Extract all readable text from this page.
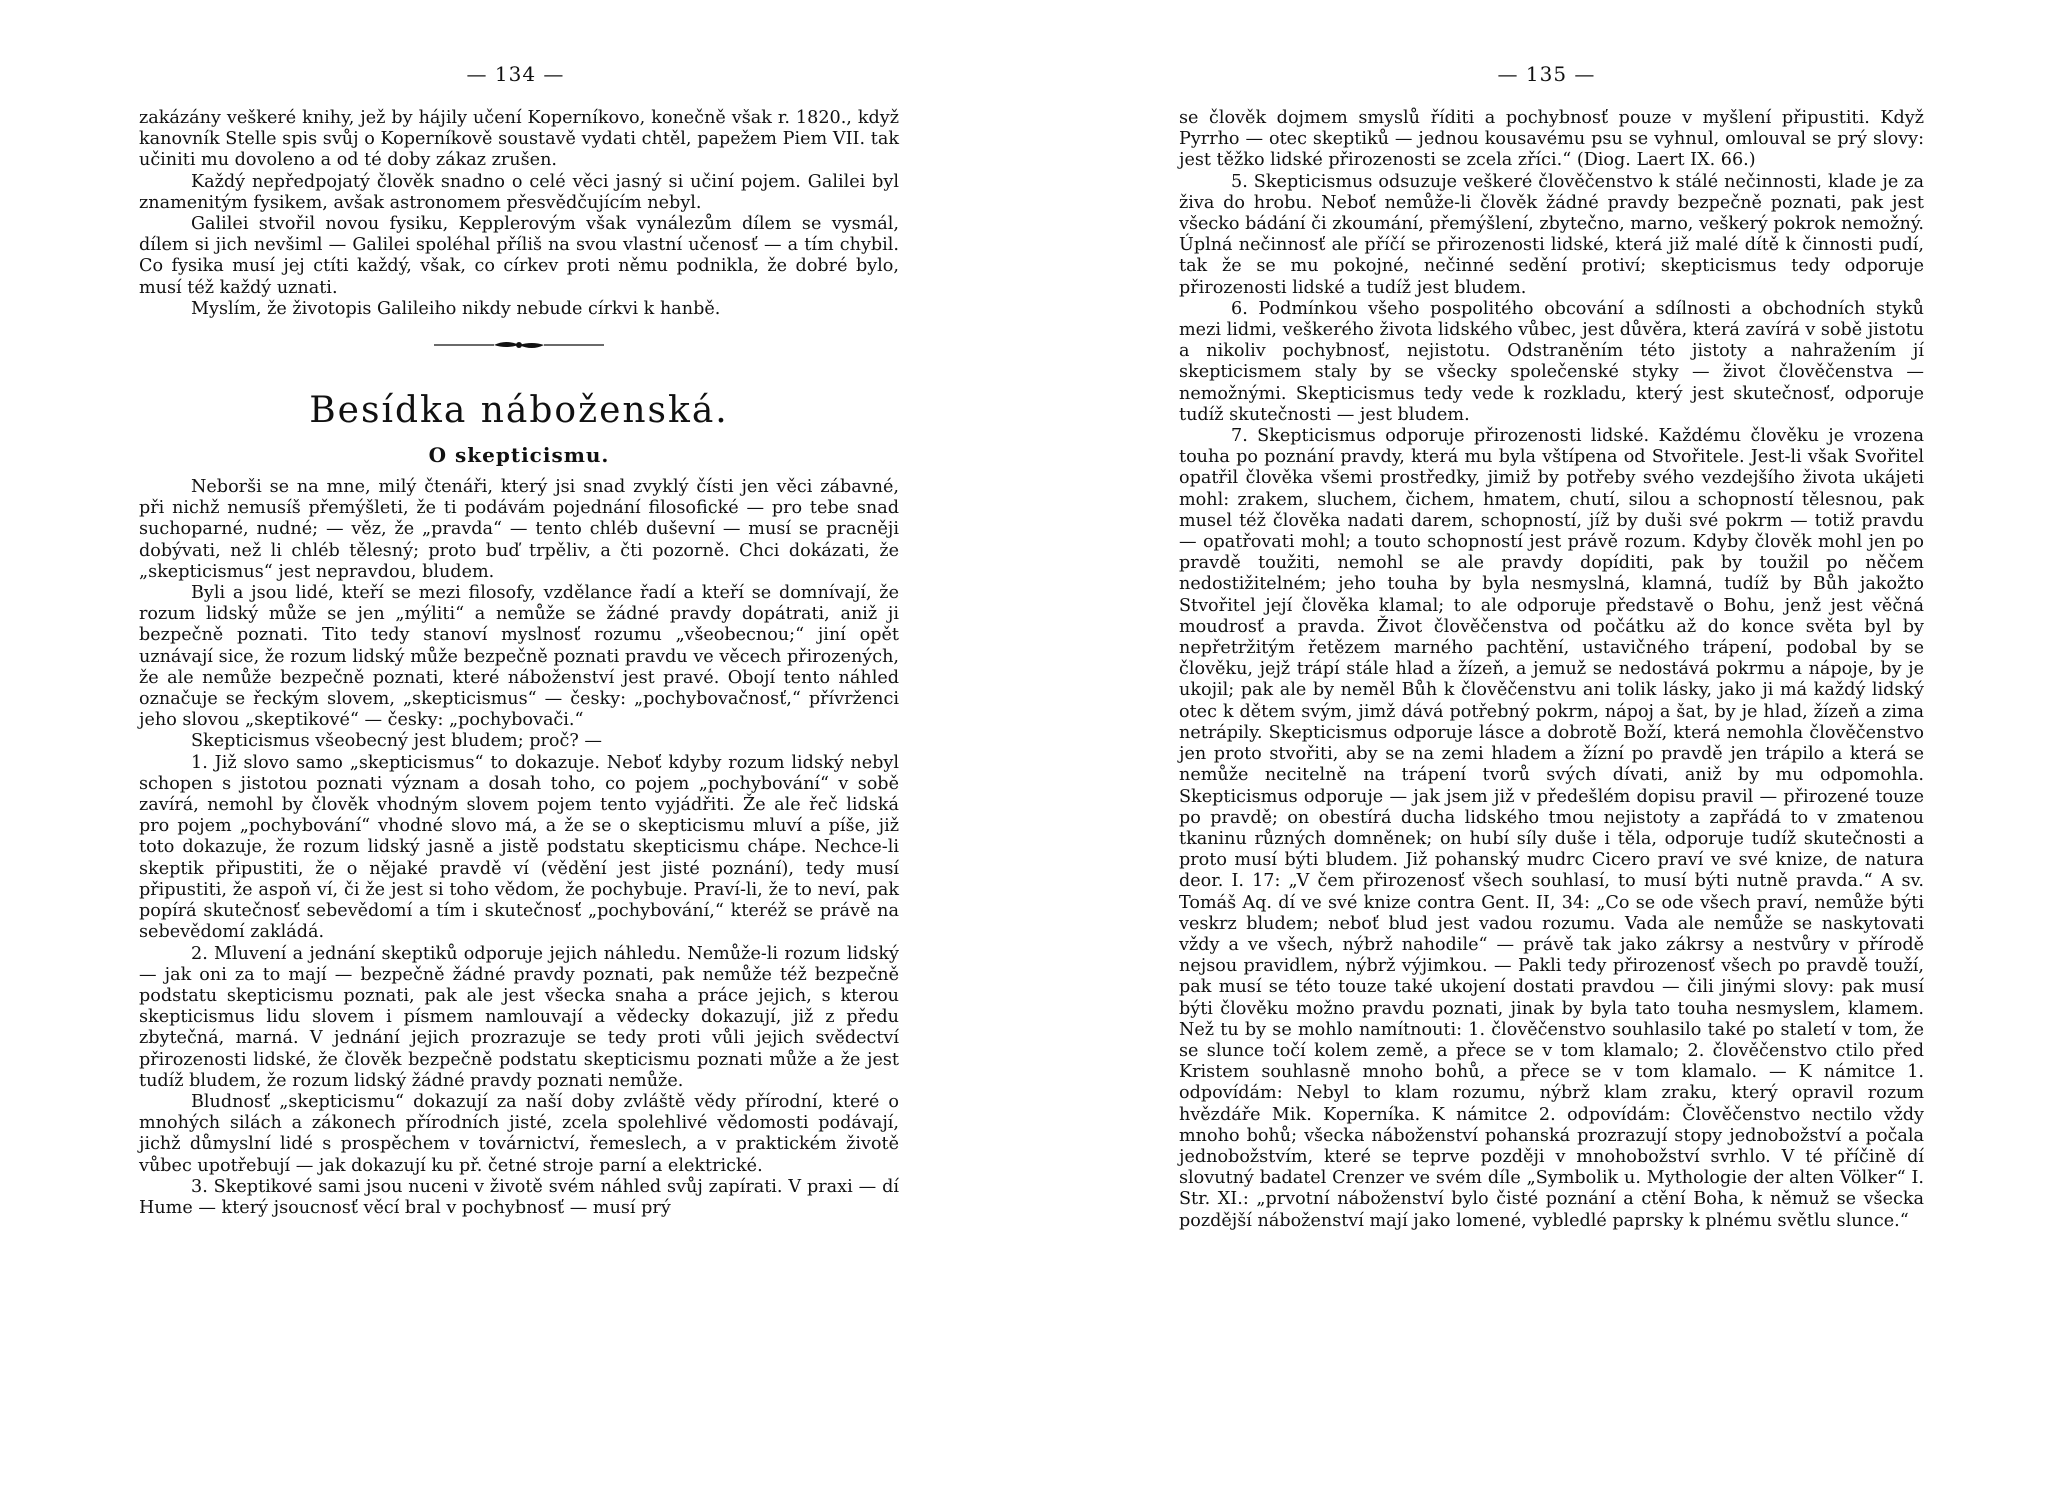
— 134 —

zakázány veškeré knihy, jež by hájily učení Koperníkovo, konečně však r. 1820., když kanovník Stelle spis svůj o Koperníkově soustavě vydati chtěl, papežem Piem VII. tak učiniti mu dovoleno a od té doby zákaz zrušen.

Každý nepředpojatý člověk snadno o celé věci jasný si učiní pojem. Galilei byl znamenitým fysikem, avšak astronomem přesvědčujícím nebyl.

Galilei stvořil novou fysiku, Kepplerovým však vynálezům dílem se vysmál, dílem si jich nevšiml — Galilei spoléhal příliš na svou vlastní učenosť — a tím chybil. Co fysika musí jej ctíti každý, však, co církev proti němu podnikla, že dobré bylo, musí též každý uznati.

Myslím, že životopis Galileiho nikdy nebude církvi k hanbě.

Besídka náboženská.
O skepticismu.

Neborši se na mne, milý čtenáři, který jsi snad zvyklý čísti jen věci zábavné, při nichž nemusíš přemýšleti, že ti podávám pojednání filosofické — pro tebe snad suchoparné, nudné; — věz, že „pravda“ — tento chléb duševní — musí se pracněji dobývati, než li chléb tělesný; proto buď trpěliv, a čti pozorně. Chci dokázati, že „skepticismus“ jest nepravdou, bludem.

Byli a jsou lidé, kteří se mezi filosofy, vzdělance řadí a kteří se domnívají, že rozum lidský může se jen „mýliti“ a nemůže se žádné pravdy dopátrati, aniž ji bezpečně poznati. Tito tedy stanoví myslnosť rozumu „všeobecnou;“ jiní opět uznávají sice, že rozum lidský může bezpečně poznati pravdu ve věcech přirozených, že ale nemůže bezpečně poznati, které náboženství jest pravé. Obojí tento náhled označuje se řeckým slovem, „skepticismus“ — česky: „pochybovačnosť,“ přívrženci jeho slovou „skeptikové“ — česky: „pochybovači.“

Skepticismus všeobecný jest bludem; proč? —

1. Již slovo samo „skepticismus“ to dokazuje. Neboť kdyby rozum lidský nebyl schopen s jistotou poznati význam a dosah toho, co pojem „pochybování“ v sobě zavírá, nemohl by člověk vhodným slovem pojem tento vyjádřiti. Že ale řeč lidská pro pojem „pochybování“ vhodné slovo má, a že se o skepticismu mluví a píše, již toto dokazuje, že rozum lidský jasně a jistě podstatu skepticismu chápe. Nechce-li skeptik připustiti, že o nějaké pravdě ví (vědění jest jisté poznání), tedy musí připustiti, že aspoň ví, či že jest si toho vědom, že pochybuje. Praví-li, že to neví, pak popírá skutečnosť sebevědomí a tím i skutečnosť „pochybování,“ kteréž se právě na sebevědomí zakládá.

2. Mluvení a jednání skeptiků odporuje jejich náhledu. Nemůže-li rozum lidský — jak oni za to mají — bezpečně žádné pravdy poznati, pak nemůže též bezpečně podstatu skepticismu poznati, pak ale jest všecka snaha a práce jejich, s kterou skepticismus lidu slovem i písmem namlouvají a vědecky dokazují, již z předu zbytečná, marná. V jednání jejich prozrazuje se tedy proti vůli jejich svědectví přirozenosti lidské, že člověk bezpečně podstatu skepticismu poznati může a že jest tudíž bludem, že rozum lidský žádné pravdy poznati nemůže.

Bludnosť „skepticismu“ dokazují za naší doby zvláště vědy přírodní, které o mnohých silách a zákonech přírodních jisté, zcela spolehlivé vědomosti podávají, jichž důmyslní lidé s prospěchem v továrnictví, řemeslech, a v praktickém životě vůbec upotřebují — jak dokazují ku př. četné stroje parní a elektrické.

3. Skeptikové sami jsou nuceni v životě svém náhled svůj zapírati. V praxi — dí Hume — který jsoucnosť věcí bral v pochybnosť — musí prý

— 135 —

se člověk dojmem smyslů říditi a pochybnosť pouze v myšlení připustiti. Když Pyrrho — otec skeptiků — jednou kousavému psu se vyhnul, omlouval se prý slovy: jest těžko lidské přirozenosti se zcela zříci.“ (Diog. Laert IX. 66.)

5. Skepticismus odsuzuje veškeré člověčenstvo k stálé nečinnosti, klade je za živa do hrobu. Neboť nemůže-li člověk žádné pravdy bezpečně poznati, pak jest všecko bádání či zkoumání, přemýšlení, zbytečno, marno, veškerý pokrok nemožný. Úplná nečinnosť ale příčí se přirozenosti lidské, která již malé dítě k činnosti pudí, tak že se mu pokojné, nečinné sedění protiví; skepticismus tedy odporuje přirozenosti lidské a tudíž jest bludem.

6. Podmínkou všeho pospolitého obcování a sdílnosti a obchodních styků mezi lidmi, veškerého života lidského vůbec, jest důvěra, která zavírá v sobě jistotu a nikoliv pochybnosť, nejistotu. Odstraněním této jistoty a nahražením jí skepticismem staly by se všecky společenské styky — život člověčenstva — nemožnými. Skepticismus tedy vede k rozkladu, který jest skutečnosť, odporuje tudíž skutečnosti — jest bludem.

7. Skepticismus odporuje přirozenosti lidské. Každému člověku je vrozena touha po poznání pravdy, která mu byla vštípena od Stvořitele. Jest-li však Svořitel opatřil člověka všemi prostředky, jimiž by potřeby svého vezdejšího života ukájeti mohl: zrakem, sluchem, čichem, hmatem, chutí, silou a schopností tělesnou, pak musel též člověka nadati darem, schopností, jíž by duši své pokrm — totiž pravdu — opatřovati mohl; a touto schopností jest právě rozum. Kdyby člověk mohl jen po pravdě toužiti, nemohl se ale pravdy dopíditi, pak by toužil po něčem nedostižitelném; jeho touha by byla nesmyslná, klamná, tudíž by Bůh jakožto Stvořitel její člověka klamal; to ale odporuje představě o Bohu, jenž jest věčná moudrosť a pravda. Život člověčenstva od počátku až do konce světa byl by nepřetržitým řetězem marného pachtění, ustavičného trápení, podobal by se člověku, jejž trápí stále hlad a žízeň, a jemuž se nedostává pokrmu a nápoje, by je ukojil; pak ale by neměl Bůh k člověčenstvu ani tolik lásky, jako ji má každý lidský otec k dětem svým, jimž dává potřebný pokrm, nápoj a šat, by je hlad, žízeň a zima netrápily. Skepticismus odporuje lásce a dobrotě Boží, která nemohla člověčenstvo jen proto stvořiti, aby se na zemi hladem a žízní po pravdě jen trápilo a která se nemůže necitelně na trápení tvorů svých dívati, aniž by mu odpomohla. Skepticismus odporuje — jak jsem již v předešlém dopisu pravil — přirozené touze po pravdě; on obestírá ducha lidského tmou nejistoty a zapřádá to v zmatenou tkaninu různých domněnek; on hubí síly duše i těla, odporuje tudíž skutečnosti a proto musí býti bludem. Již pohanský mudrc Cicero praví ve své knize, de natura deor. I. 17: „V čem přirozenosť všech souhlasí, to musí býti nutně pravda.“ A sv. Tomáš Aq. dí ve své knize contra Gent. II, 34: „Co se ode všech praví, nemůže býti veskrz bludem; neboť blud jest vadou rozumu. Vada ale nemůže se naskytovati vždy a ve všech, nýbrž nahodile“ — právě tak jako zákrsy a nestvůry v přírodě nejsou pravidlem, nýbrž výjimkou. — Pakli tedy přirozenosť všech po pravdě touží, pak musí se této touze také ukojení dostati pravdou — čili jinými slovy: pak musí býti člověku možno pravdu poznati, jinak by byla tato touha nesmyslem, klamem. Než tu by se mohlo namítnouti: 1. člověčenstvo souhlasilo také po staletí v tom, že se slunce točí kolem země, a přece se v tom klamalo; 2. člověčenstvo ctilo před Kristem souhlasně mnoho bohů, a přece se v tom klamalo. — K námitce 1. odpovídám: Nebyl to klam rozumu, nýbrž klam zraku, který opravil rozum hvězdáře Mik. Koperníka. K námitce 2. odpovídám: Člověčenstvo nectilo vždy mnoho bohů; všecka náboženství pohanská prozrazují stopy jednobožství a počala jednobožstvím, které se teprve později v mnohobožství svrhlo. V té příčině dí slovutný badatel Crenzer ve svém díle „Symbolik u. Mythologie der alten Völker“ I. Str. XI.: „prvotní náboženství bylo čisté poznání a ctění Boha, k němuž se všecka pozdější náboženství mají jako lomené, vybledlé paprsky k plnému světlu slunce.“
